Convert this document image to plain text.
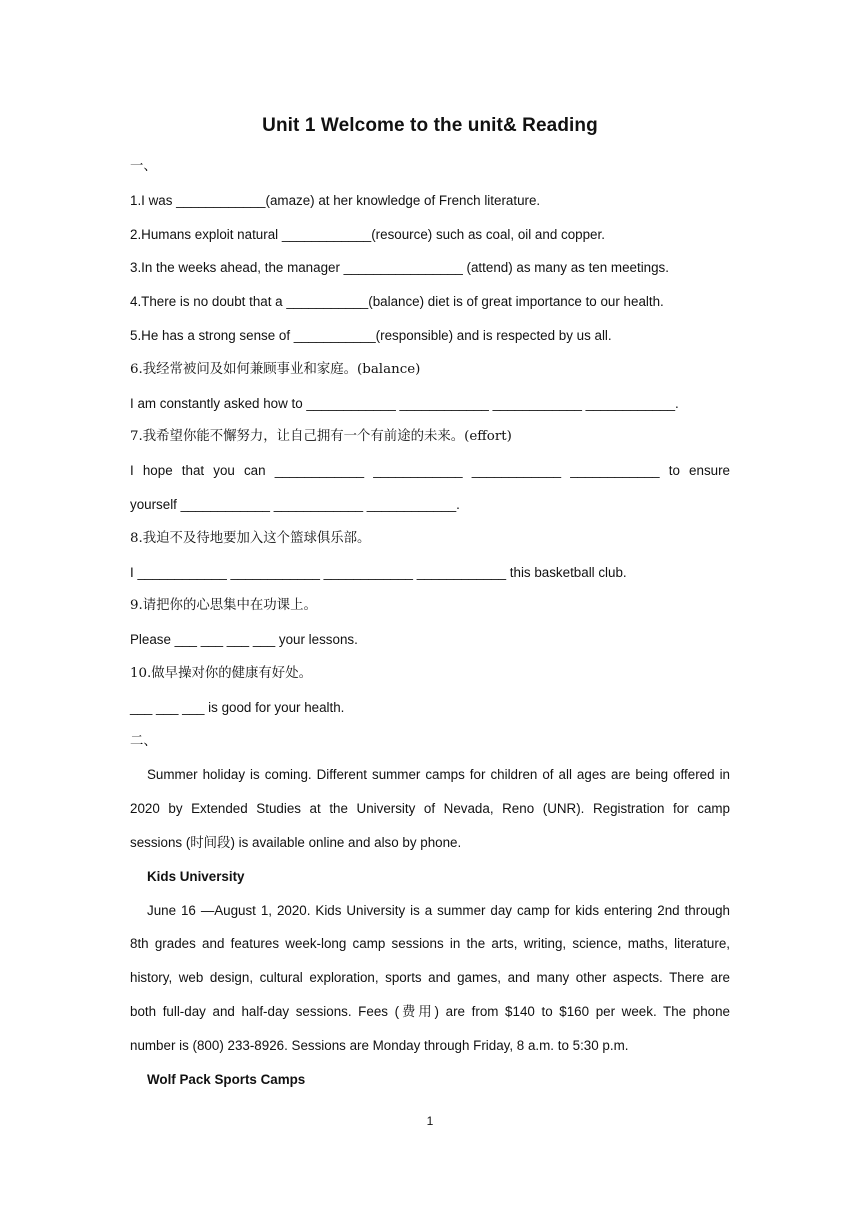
Unit 1 Welcome to the unit& Reading
一、
1.I was ____________(amaze) at her knowledge of French literature.
2.Humans exploit natural ____________(resource) such as coal, oil and copper.
3.In the weeks ahead, the manager ________________ (attend) as many as ten meetings.
4.There is no doubt that a ___________(balance) diet is of great importance to our health.
5.He has a strong sense of ___________(responsible) and is respected by us all.
6.我经常被问及如何兼顾事业和家庭。(balance)
I am constantly asked how to ____________ ____________ ____________ ____________.
7.我希望你能不懈努力，让自己拥有一个有前途的未来。(effort)
I hope that you can ____________ ____________ ____________ ____________ to ensure
yourself ____________ ____________ ____________.
8.我迫不及待地要加入这个篮球俱乐部。
I ____________ ____________ ____________ ____________ this basketball club.
9.请把你的心思集中在功课上。
Please ___ ___ ___ ___ your lessons.
10.做早操对你的健康有好处。
___ ___ ___ is good for your health.
二、
Summer holiday is coming. Different summer camps for children of all ages are being offered in
2020 by Extended Studies at the University of Nevada, Reno (UNR). Registration for camp
sessions (时间段) is available online and also by phone.
Kids University
June 16 —August 1, 2020. Kids University is a summer day camp for kids entering 2nd through
8th grades and features week-long camp sessions in the arts, writing, science, maths, literature,
history, web design, cultural exploration, sports and games, and many other aspects. There are
both full-day and half-day sessions. Fees (费用) are from $140 to $160 per week. The phone
number is (800) 233-8926. Sessions are Monday through Friday, 8 a.m. to 5:30 p.m.
Wolf Pack Sports Camps
1
